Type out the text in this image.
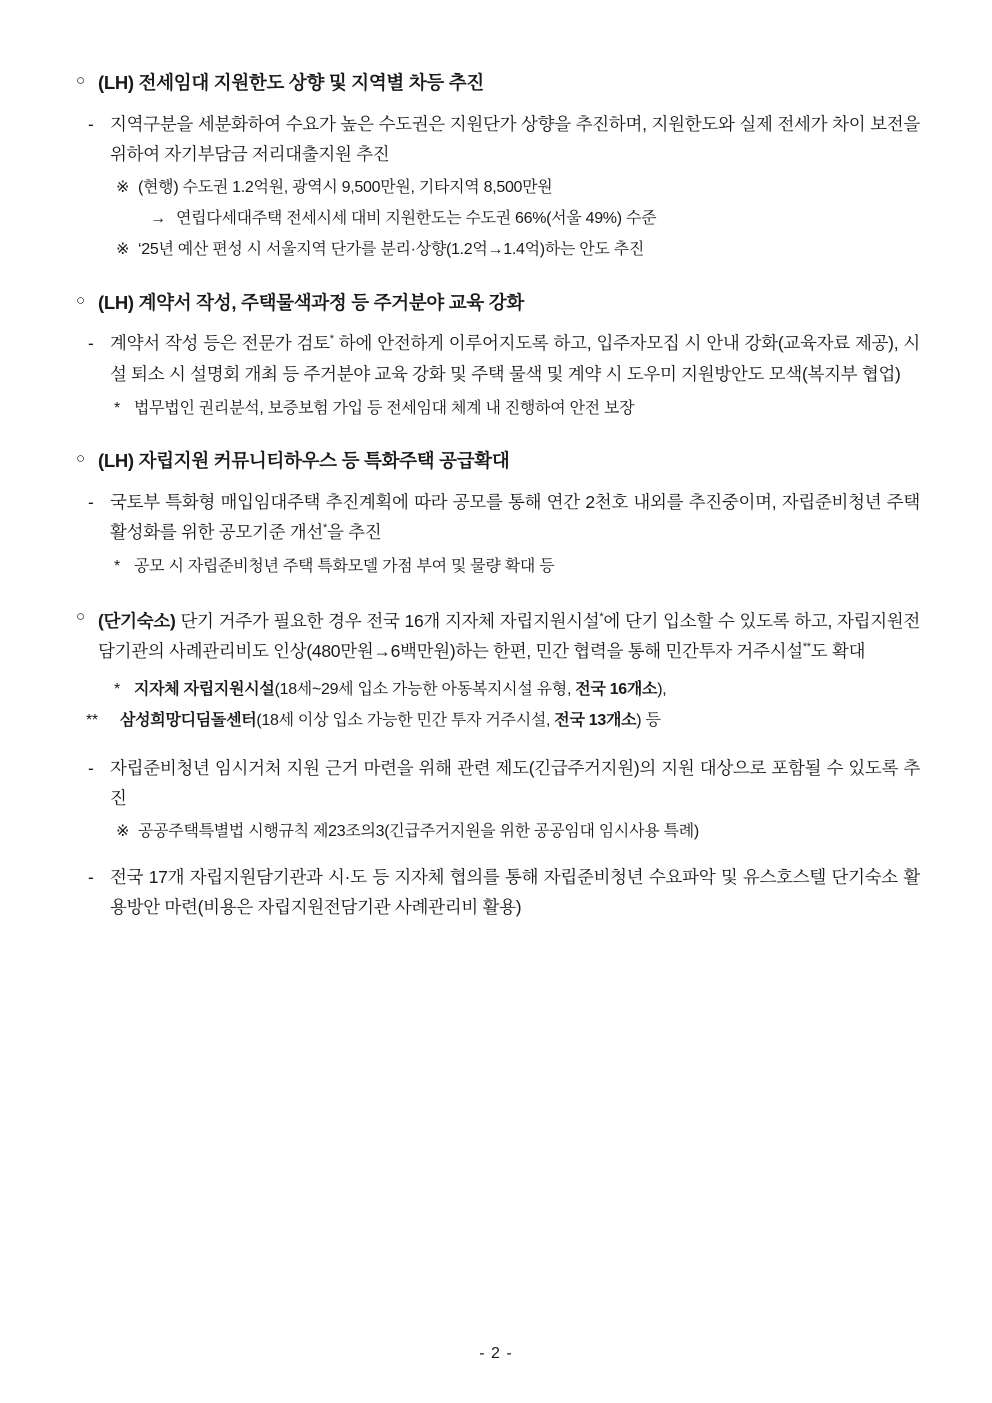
○ (LH) 전세임대 지원한도 상향 및 지역별 차등 추진
- 지역구분을 세분화하여 수요가 높은 수도권은 지원단가 상향을 추진하며, 지원한도와 실제 전세가 차이 보전을 위하여 자기부담금 저리대출지원 추진
※ (현행) 수도권 1.2억원, 광역시 9,500만원, 기타지역 8,500만원
→ 연립다세대주택 전세시세 대비 지원한도는 수도권 66%(서울 49%) 수준
※ ‘25년 예산 편성 시 서울지역 단가를 분리·상향(1.2억→1.4억)하는 안도 추진
○ (LH) 계약서 작성, 주택물색과정 등 주거분야 교육 강화
- 계약서 작성 등은 전문가 검토* 하에 안전하게 이루어지도록 하고, 입주자모집 시 안내 강화(교육자료 제공), 시설 퇴소 시 설명회 개최 등 주거분야 교육 강화 및 주택 물색 및 계약 시 도우미 지원방안도 모색(복지부 협업)
* 법무법인 권리분석, 보증보험 가입 등 전세임대 체계 내 진행하여 안전 보장
○ (LH) 자립지원 커뮤니티하우스 등 특화주택 공급확대
- 국토부 특화형 매입임대주택 추진계획에 따라 공모를 통해 연간 2천호 내외를 추진중이며, 자립준비청년 주택 활성화를 위한 공모기준 개선*을 추진
* 공모 시 자립준비청년 주택 특화모델 가점 부여 및 물량 확대 등
○ (단기숙소) 단기 거주가 필요한 경우 전국 16개 지자체 자립지원시설*에 단기 입소할 수 있도록 하고, 자립지원전담기관의 사례관리비도 인상(480만원→6백만원)하는 한편, 민간 협력을 통해 민간투자 거주시설**도 확대
* 지자체 자립지원시설(18세~29세 입소 가능한 아동복지시설 유형, 전국 16개소),
**	삼성희망디딤돌센터(18세 이상 입소 가능한 민간 투자 거주시설, 전국 13개소) 등
- 자립준비청년 임시거처 지원 근거 마련을 위해 관련 제도(긴급주거지원)의 지원 대상으로 포함될 수 있도록 추진
※ 공공주택특별법 시행규칙 제23조의3(긴급주거지원을 위한 공공임대 임시사용 특례)
- 전국 17개 자립지원담기관과 시·도 등 지자체 협의를 통해 자립준비청년 수요파악 및 유스호스텔 단기숙소 활용방안 마련(비용은 자립지원전담기관 사례관리비 활용)
- 2 -
